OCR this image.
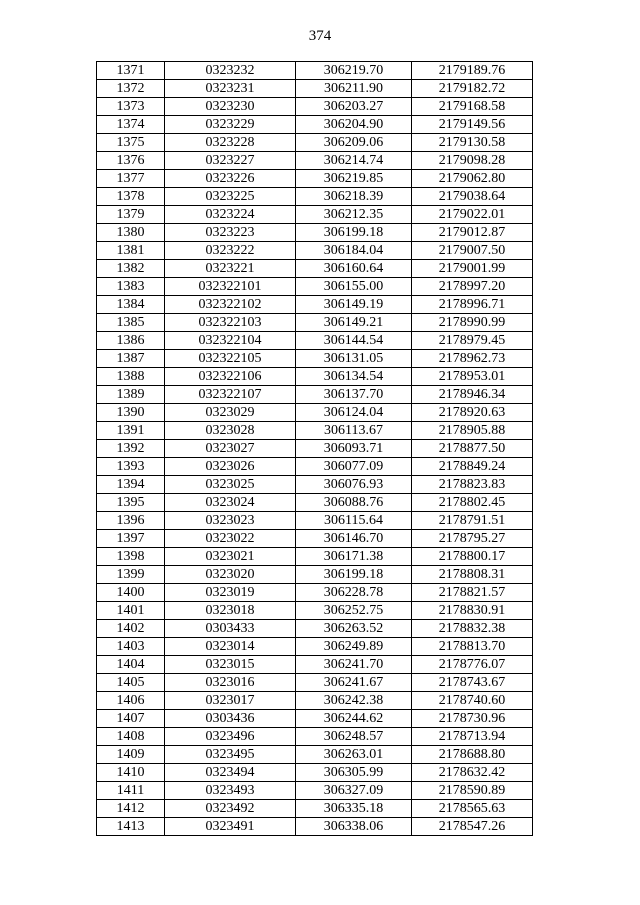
374
1371	0323232	306219.70	2179189.76
1372	0323231	306211.90	2179182.72
1373	0323230	306203.27	2179168.58
1374	0323229	306204.90	2179149.56
1375	0323228	306209.06	2179130.58
1376	0323227	306214.74	2179098.28
1377	0323226	306219.85	2179062.80
1378	0323225	306218.39	2179038.64
1379	0323224	306212.35	2179022.01
1380	0323223	306199.18	2179012.87
1381	0323222	306184.04	2179007.50
1382	0323221	306160.64	2179001.99
1383	032322101	306155.00	2178997.20
1384	032322102	306149.19	2178996.71
1385	032322103	306149.21	2178990.99
1386	032322104	306144.54	2178979.45
1387	032322105	306131.05	2178962.73
1388	032322106	306134.54	2178953.01
1389	032322107	306137.70	2178946.34
1390	0323029	306124.04	2178920.63
1391	0323028	306113.67	2178905.88
1392	0323027	306093.71	2178877.50
1393	0323026	306077.09	2178849.24
1394	0323025	306076.93	2178823.83
1395	0323024	306088.76	2178802.45
1396	0323023	306115.64	2178791.51
1397	0323022	306146.70	2178795.27
1398	0323021	306171.38	2178800.17
1399	0323020	306199.18	2178808.31
1400	0323019	306228.78	2178821.57
1401	0323018	306252.75	2178830.91
1402	0303433	306263.52	2178832.38
1403	0323014	306249.89	2178813.70
1404	0323015	306241.70	2178776.07
1405	0323016	306241.67	2178743.67
1406	0323017	306242.38	2178740.60
1407	0303436	306244.62	2178730.96
1408	0323496	306248.57	2178713.94
1409	0323495	306263.01	2178688.80
1410	0323494	306305.99	2178632.42
1411	0323493	306327.09	2178590.89
1412	0323492	306335.18	2178565.63
1413	0323491	306338.06	2178547.26
